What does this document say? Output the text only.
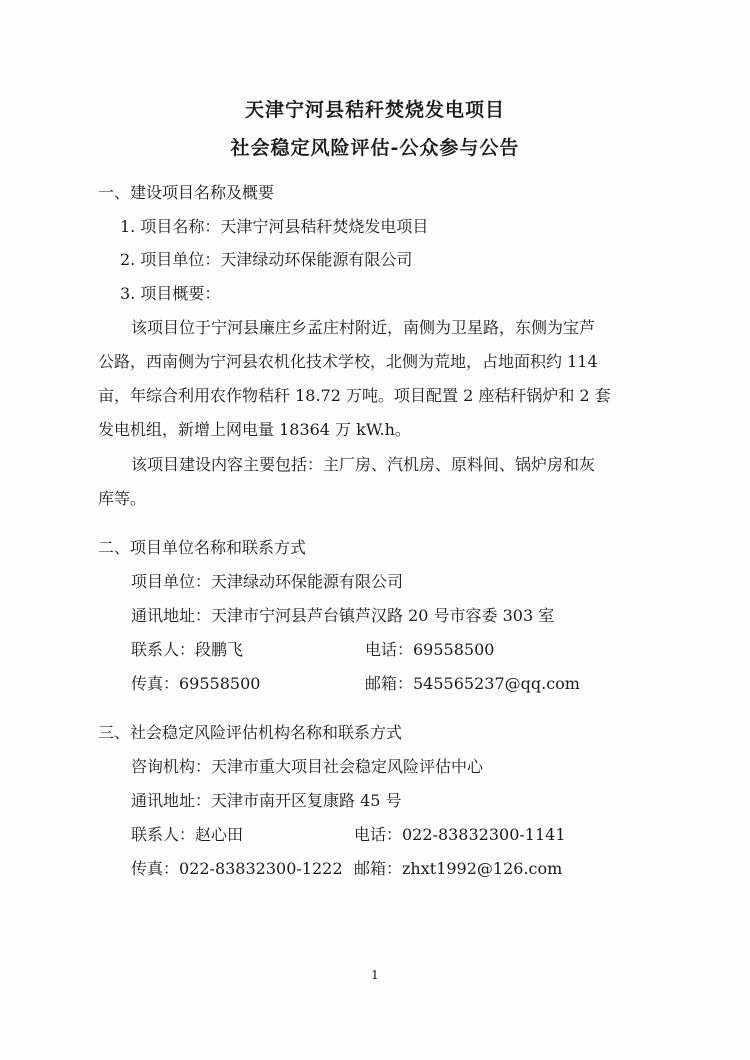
天津宁河县秸秆焚烧发电项目
社会稳定风险评估-公众参与公告
一、建设项目名称及概要
1. 项目名称：天津宁河县秸秆焚烧发电项目
2. 项目单位：天津绿动环保能源有限公司
3. 项目概要：
该项目位于宁河县廉庄乡孟庄村附近，南侧为卫星路，东侧为宝芦
公路，西南侧为宁河县农机化技术学校，北侧为荒地，占地面积约 114
亩，年综合利用农作物秸秆 18.72 万吨。项目配置 2 座秸秆锅炉和 2 套
发电机组，新增上网电量 18364 万 kW.h。
该项目建设内容主要包括：主厂房、汽机房、原料间、锅炉房和灰
库等。
二、项目单位名称和联系方式
项目单位：天津绿动环保能源有限公司
通讯地址：天津市宁河县芦台镇芦汉路 20 号市容委 303 室
联系人：段鹏飞	电话：69558500
传真：69558500	邮箱：545565237@qq.com
三、社会稳定风险评估机构名称和联系方式
咨询机构：天津市重大项目社会稳定风险评估中心
通讯地址：天津市南开区复康路 45 号
联系人：赵心田	电话：022-83832300-1141
传真：022-83832300-1222 邮箱：zhxt1992@126.com
1
